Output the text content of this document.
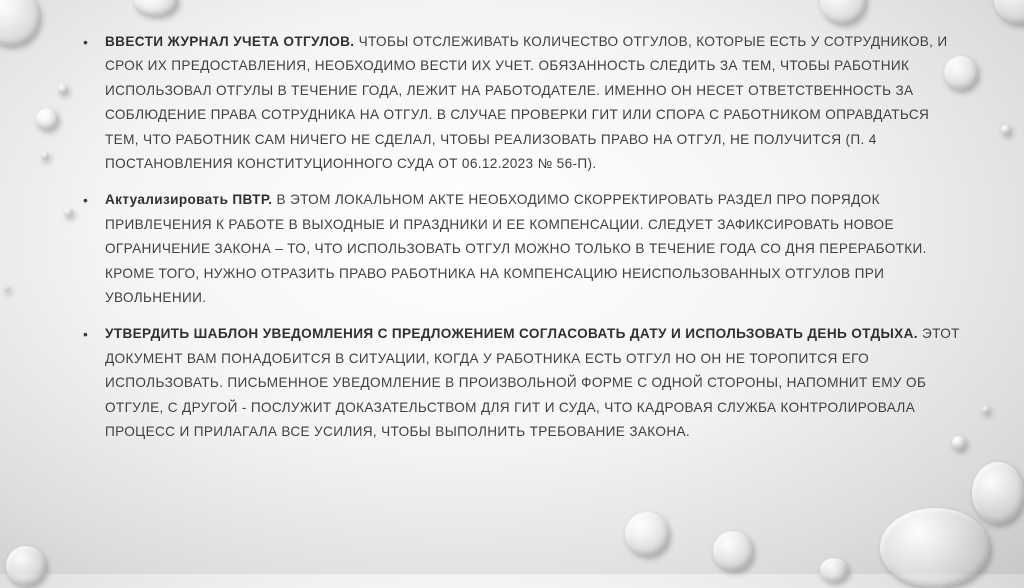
•	ВВЕСТИ ЖУРНАЛ УЧЕТА ОТГУЛОВ. ЧТОБЫ ОТСЛЕЖИВАТЬ КОЛИЧЕСТВО ОТГУЛОВ, КОТОРЫЕ ЕСТЬ У СОТРУДНИКОВ, И СРОК ИХ ПРЕДОСТАВЛЕНИЯ, НЕОБХОДИМО ВЕСТИ ИХ УЧЕТ. ОБЯЗАННОСТЬ СЛЕДИТЬ ЗА ТЕМ, ЧТОБЫ РАБОТНИК ИСПОЛЬЗОВАЛ ОТГУЛЫ В ТЕЧЕНИЕ ГОДА, ЛЕЖИТ НА РАБОТОДАТЕЛЕ. ИМЕННО ОН НЕСЕТ ОТВЕТСТВЕННОСТЬ ЗА СОБЛЮДЕНИЕ ПРАВА СОТРУДНИКА НА ОТГУЛ. В СЛУЧАЕ ПРОВЕРКИ ГИТ ИЛИ СПОРА С РАБОТНИКОМ ОПРАВДАТЬСЯ ТЕМ, ЧТО РАБОТНИК САМ НИЧЕГО НЕ СДЕЛАЛ, ЧТОБЫ РЕАЛИЗОВАТЬ ПРАВО НА ОТГУЛ, НЕ ПОЛУЧИТСЯ (П. 4 ПОСТАНОВЛЕНИЯ КОНСТИТУЦИОННОГО СУДА ОТ 06.12.2023 № 56-П).

•	Актуализировать ПВТР. В ЭТОМ ЛОКАЛЬНОМ АКТЕ НЕОБХОДИМО СКОРРЕКТИРОВАТЬ РАЗДЕЛ ПРО ПОРЯДОК ПРИВЛЕЧЕНИЯ К РАБОТЕ В ВЫХОДНЫЕ И ПРАЗДНИКИ И ЕЕ КОМПЕНСАЦИИ. СЛЕДУЕТ ЗАФИКСИРОВАТЬ НОВОЕ ОГРАНИЧЕНИЕ ЗАКОНА – ТО, ЧТО ИСПОЛЬЗОВАТЬ ОТГУЛ МОЖНО ТОЛЬКО В ТЕЧЕНИЕ ГОДА СО ДНЯ ПЕРЕРАБОТКИ. КРОМЕ ТОГО, НУЖНО ОТРАЗИТЬ ПРАВО РАБОТНИКА НА КОМПЕНСАЦИЮ НЕИСПОЛЬЗОВАННЫХ ОТГУЛОВ ПРИ УВОЛЬНЕНИИ.

•	УТВЕРДИТЬ ШАБЛОН УВЕДОМЛЕНИЯ С ПРЕДЛОЖЕНИЕМ СОГЛАСОВАТЬ ДАТУ И ИСПОЛЬЗОВАТЬ ДЕНЬ ОТДЫХА. ЭТОТ ДОКУМЕНТ ВАМ ПОНАДОБИТСЯ В СИТУАЦИИ, КОГДА У РАБОТНИКА ЕСТЬ ОТГУЛ НО ОН НЕ ТОРОПИТСЯ ЕГО ИСПОЛЬЗОВАТЬ. ПИСЬМЕННОЕ УВЕДОМЛЕНИЕ В ПРОИЗВОЛЬНОЙ ФОРМЕ С ОДНОЙ СТОРОНЫ, НАПОМНИТ ЕМУ ОБ ОТГУЛЕ, С ДРУГОЙ - ПОСЛУЖИТ ДОКАЗАТЕЛЬСТВОМ ДЛЯ ГИТ И СУДА, ЧТО КАДРОВАЯ СЛУЖБА КОНТРОЛИРОВАЛА ПРОЦЕСС И ПРИЛАГАЛА ВСЕ УСИЛИЯ, ЧТОБЫ ВЫПОЛНИТЬ ТРЕБОВАНИЕ ЗАКОНА.
